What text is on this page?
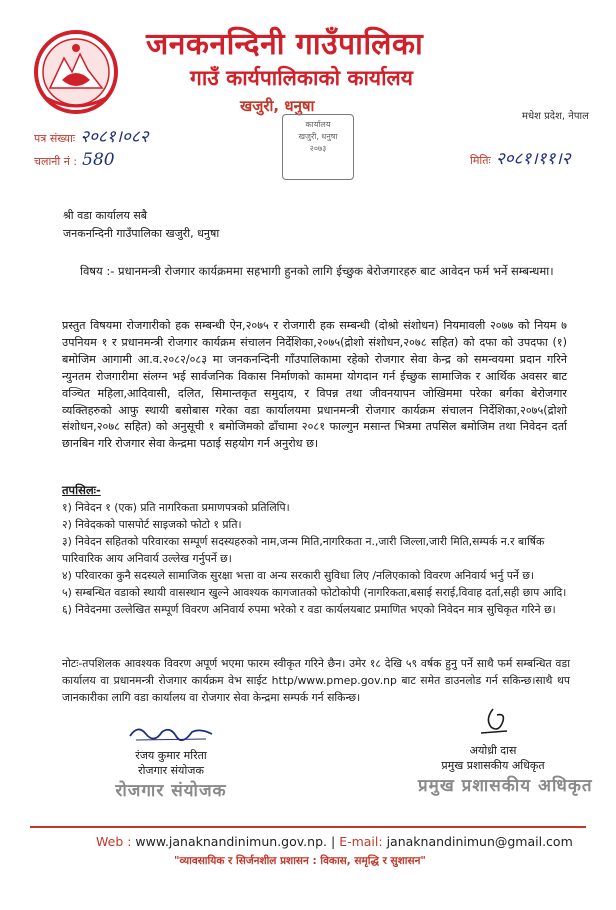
जनकनन्दिनी गाउँपालिका
गाउँ कार्यपालिकाको कार्यालय
खजुरी, धनुषा
मधेश प्रदेश, नेपाल
कार्यालय
खजुरी, धनुषा
२०७३
पत्र संख्याः २०८१।०८२
चलानी नं : 580	मितिः २०८१।११।२
श्री वडा कार्यालय सबै
जनकनन्दिनी गाउँपालिका खजुरी, धनुषा
विषय :- प्रधानमन्त्री रोजगार कार्यक्रममा सहभागी हुनको लागि ईच्छुक बेरोजगारहरु बाट आवेदन फर्म भर्ने सम्बन्धमा।
प्रस्तुत विषयमा रोजगारीको हक सम्बन्धी ऐन,२०७५ र रोजगारी हक सम्बन्धी (दोश्रो संशोधन) नियमावली २०७७ को नियम ७ उपनियम १ र प्रधानमन्त्री रोजगार कार्यक्रम संचालन निर्देशिका,२०७५(द्रोशो संशोधन,२०७८ सहित) को दफा को उपदफा (१) बमोजिम आगामी आ.व.२०८२/०८३ मा जनकनन्दिनी गाँउपालिकामा रहेको रोजगार सेवा केन्द्र को समन्वयमा प्रदान गरिने न्युनतम रोजगारीमा संलग्न भई सार्वजनिक विकास निर्माणको काममा योगदान गर्न ईच्छुक सामाजिक र आर्थिक अवसर बाट वञ्चित महिला,आदिवासी, दलित, सिमान्तकृत समुदाय, र विपन्न तथा जीवनयापन जोखिममा परेका बर्गका बेरोजगार व्यक्तिहरुको आफु स्थायी बसोबास गरेका वडा कार्यालयमा प्रधानमन्त्री रोजगार कार्यक्रम संचालन निर्देशिका,२०७५(द्रोशो संशोधन,२०७८ सहित) को अनुसूची १ बमोजिमको ढाँचामा २०८१ फाल्गुन मसान्त भित्रमा तपसिल बमोजिम तथा निवेदन दर्ता छानबिन गरि रोजगार सेवा केन्द्रमा पठाई सहयोग गर्न अनुरोध छ।
तपसिलः-
१) निवेदन १ (एक) प्रति नागरिकता प्रमाणपत्रको प्रतिलिपि।
२) निवेदकको पासपोर्ट साइजको फोटो १ प्रति।
३) निवेदन सहितको परिवारका सम्पूर्ण सदस्यहरुको नाम,जन्म मिति,नागरिकता न.,जारी जिल्ला,जारी मिति,सम्पर्क न.र बार्षिक पारिवारिक आय अनिवार्य उल्लेख गर्नुपर्ने छ।
४) परिवारका कुनै सदस्यले सामाजिक सुरक्षा भत्ता वा अन्य सरकारी सुविधा लिए /नलिएकाको विवरण अनिवार्य भर्नु पर्ने छ।
५) सम्बन्धित वडाको स्थायी वासस्थान खुल्ने आवश्यक कागजातको फोटोकोपी (नागरिकता,बसाई सराई,विवाह दर्ता,सही छाप आदि।
६) निवेदनमा उल्लेखित सम्पूर्ण विवरण अनिवार्य रुपमा भरेको र वडा कार्यलयबाट प्रमाणित भएको निवेदन मात्र सुचिकृत गरिने छ।
नोटः-तपशिलक आवश्यक विवरण अपूर्ण भएमा फारम स्वीकृत गरिने छैन। उमेर १८ देखि ५९ वर्षक हुनु पर्ने साथै फर्म सम्बन्धित वडा कार्यालय वा प्रधानमन्त्री रोजगार कार्यक्रम वेभ साईट http/www.pmep.gov.np बाट समेत डाउनलोड गर्न सकिन्छ।साथै थप जानकारीका लागि वडा कार्यालय वा रोजगार सेवा केन्द्रमा सम्पर्क गर्न सकिन्छ।
रंजय कुमार मरिता
रोजगार संयोजक
रोजगार संयोजक
अयोध्री दास
प्रमुख प्रशासकीय अधिकृत
प्रमुख प्रशासकीय अधिकृत
Web : www.janaknandinimun.gov.np. | E-mail: janaknandinimun@gmail.com
"व्यावसायिक र सिर्जनशील प्रशासन : विकास, समृद्धि र सुशासन"
